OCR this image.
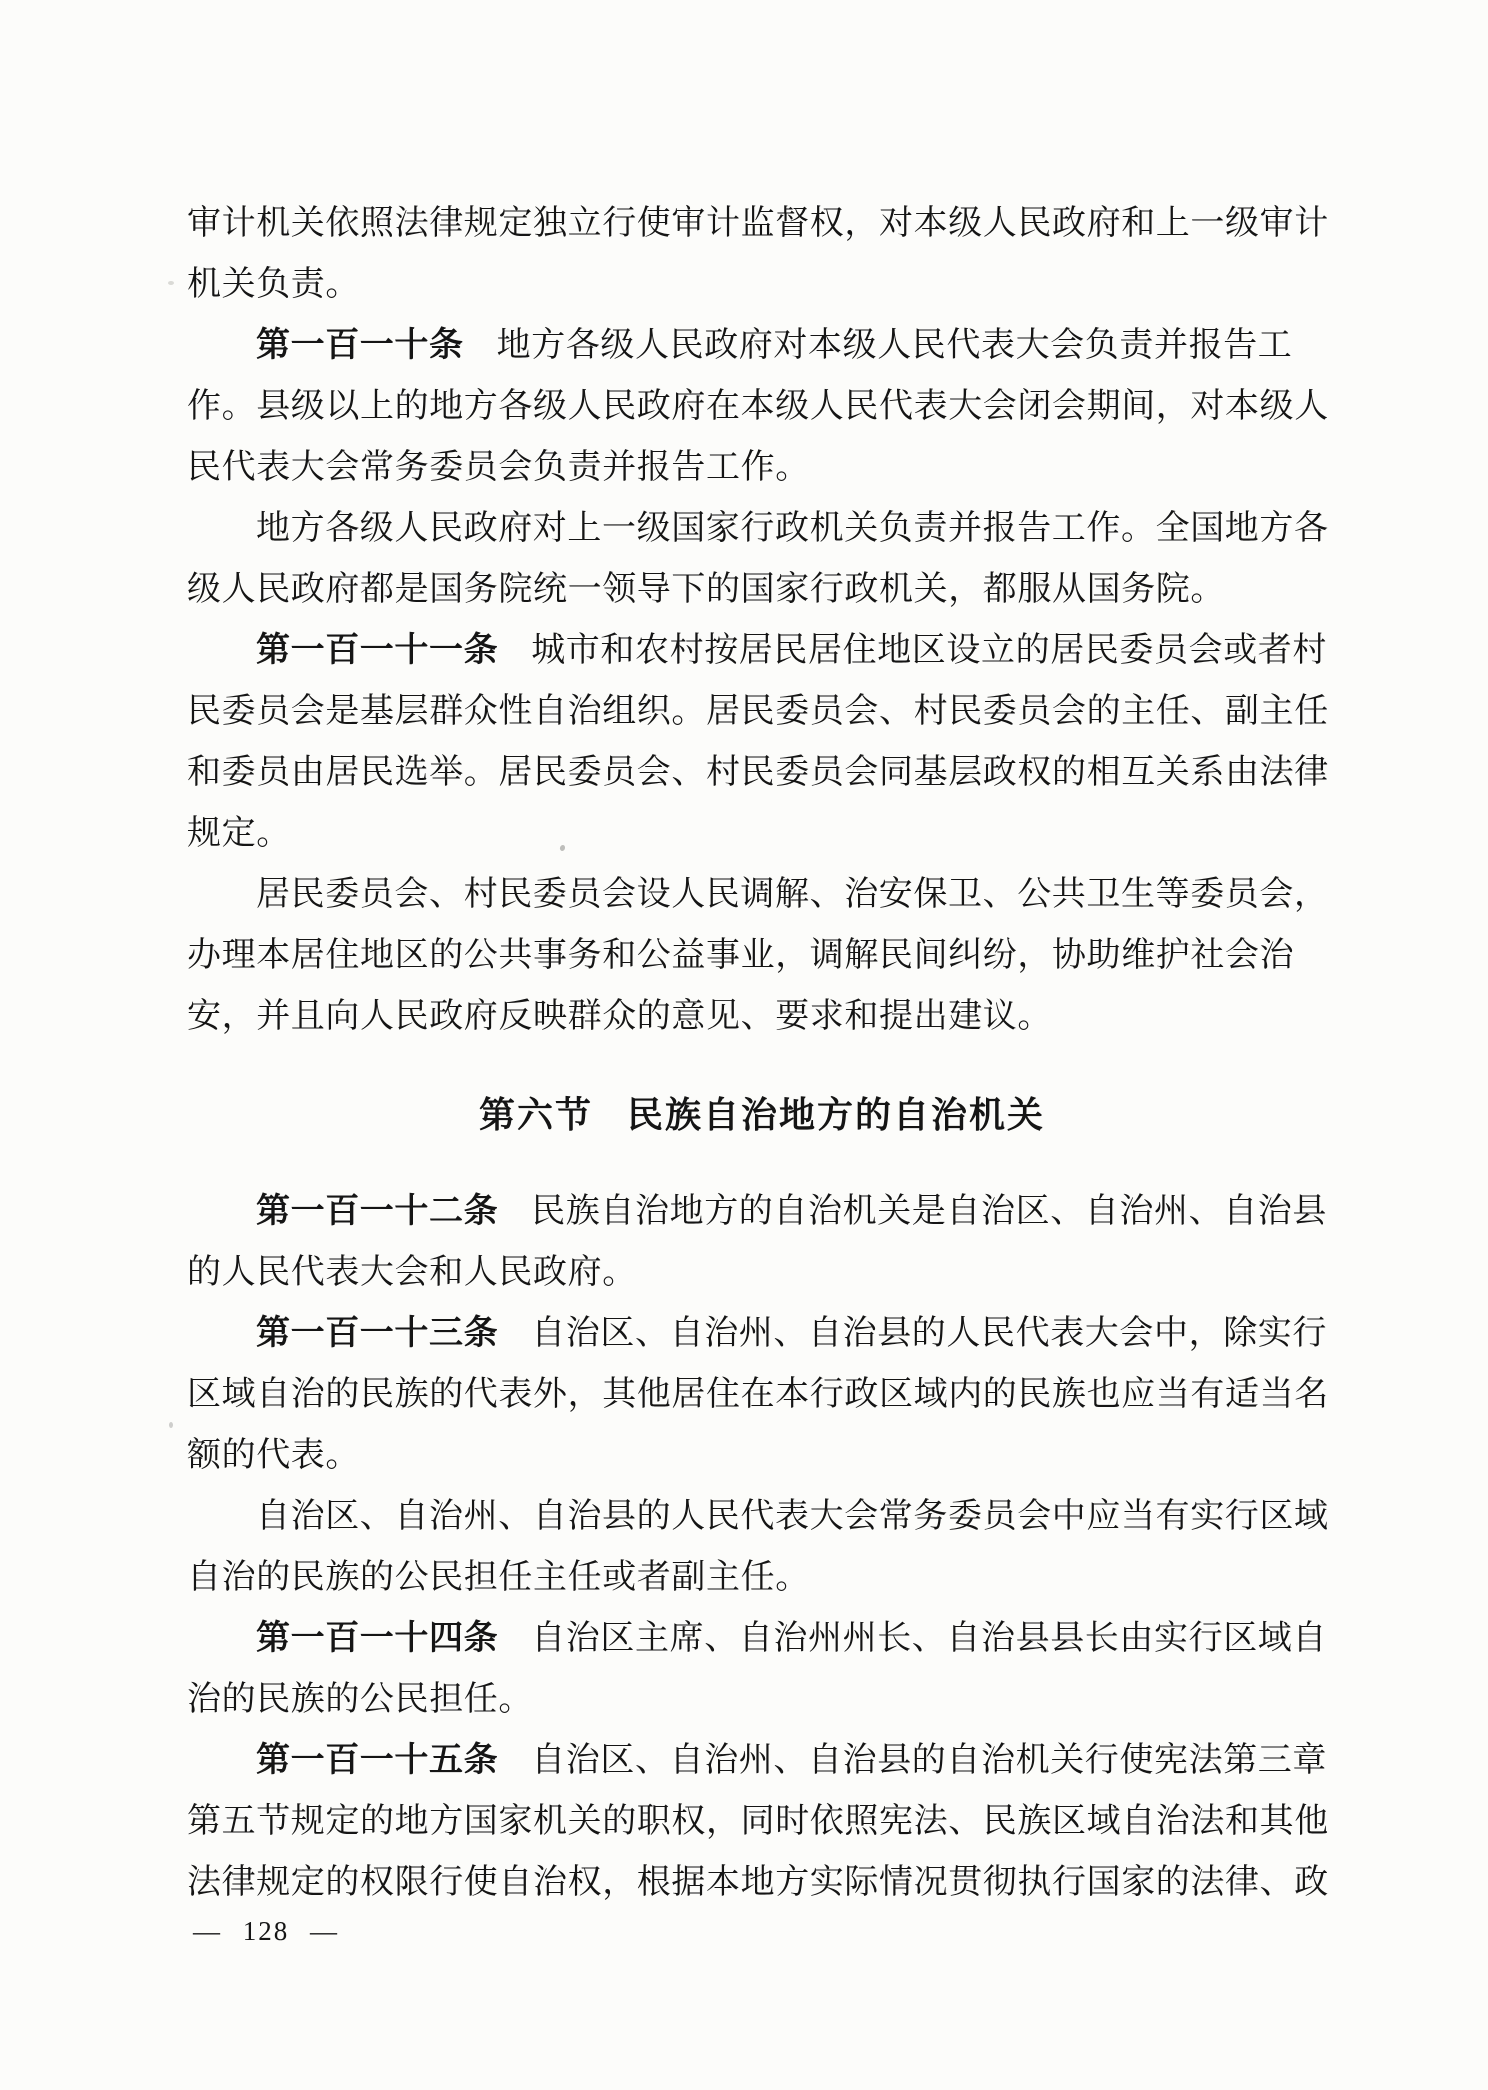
审计机关依照法律规定独立行使审计监督权，对本级人民政府和上一级审计
机关负责。
第一百一十条 地方各级人民政府对本级人民代表大会负责并报告工
作。县级以上的地方各级人民政府在本级人民代表大会闭会期间，对本级人
民代表大会常务委员会负责并报告工作。
地方各级人民政府对上一级国家行政机关负责并报告工作。全国地方各
级人民政府都是国务院统一领导下的国家行政机关，都服从国务院。
第一百一十一条 城市和农村按居民居住地区设立的居民委员会或者村
民委员会是基层群众性自治组织。居民委员会、村民委员会的主任、副主任
和委员由居民选举。居民委员会、村民委员会同基层政权的相互关系由法律
规定。
居民委员会、村民委员会设人民调解、治安保卫、公共卫生等委员会，
办理本居住地区的公共事务和公益事业，调解民间纠纷，协助维护社会治
安，并且向人民政府反映群众的意见、要求和提出建议。
第六节 民族自治地方的自治机关
第一百一十二条 民族自治地方的自治机关是自治区、自治州、自治县
的人民代表大会和人民政府。
第一百一十三条 自治区、自治州、自治县的人民代表大会中，除实行
区域自治的民族的代表外，其他居住在本行政区域内的民族也应当有适当名
额的代表。
自治区、自治州、自治县的人民代表大会常务委员会中应当有实行区域
自治的民族的公民担任主任或者副主任。
第一百一十四条 自治区主席、自治州州长、自治县县长由实行区域自
治的民族的公民担任。
第一百一十五条 自治区、自治州、自治县的自治机关行使宪法第三章
第五节规定的地方国家机关的职权，同时依照宪法、民族区域自治法和其他
法律规定的权限行使自治权，根据本地方实际情况贯彻执行国家的法律、政
— 128 —
